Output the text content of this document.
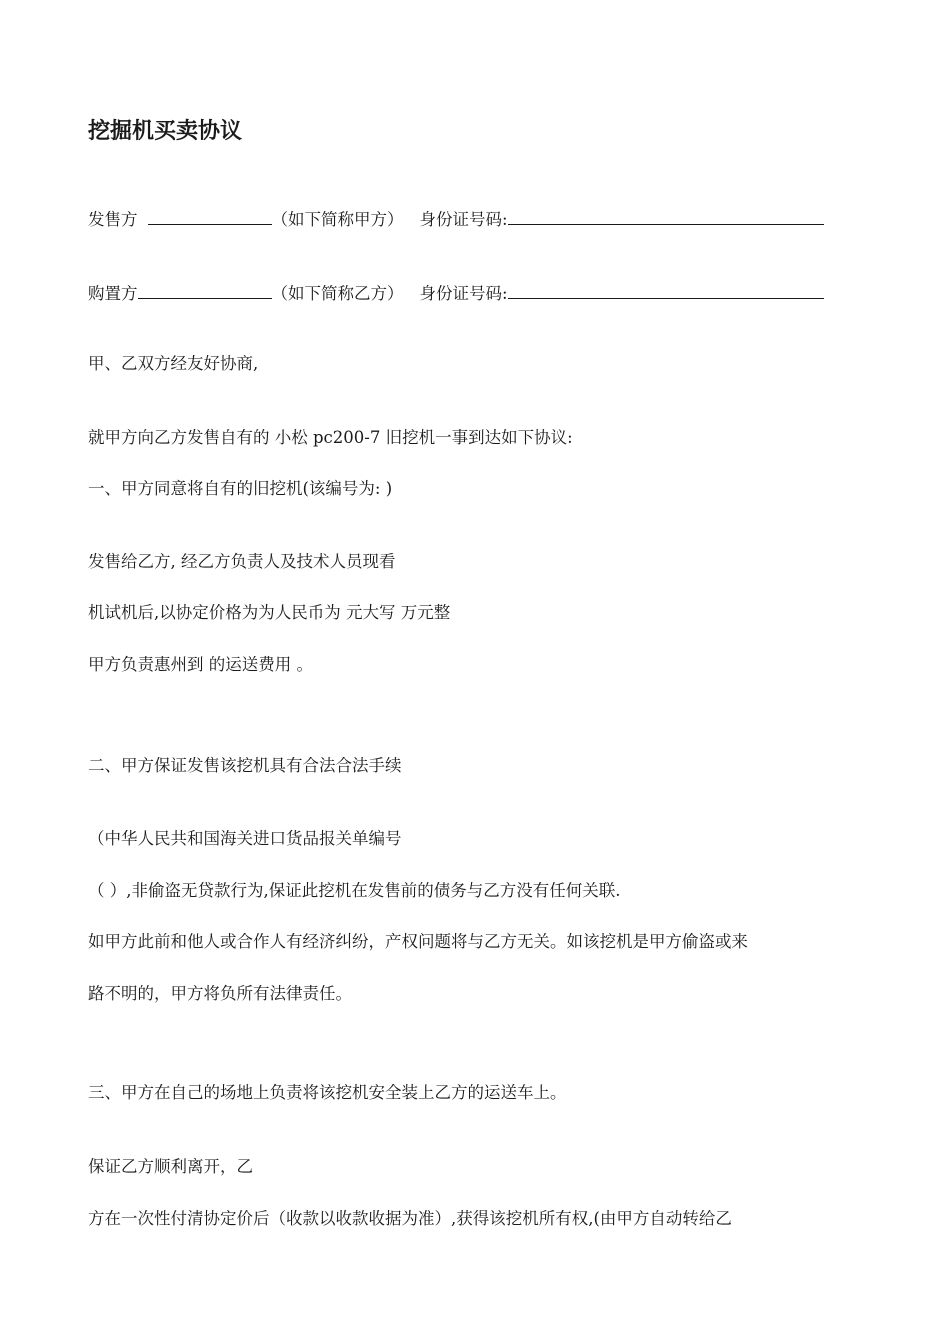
挖掘机买卖协议
发售方	（如下简称甲方） 身份证号码:
购置方	（如下简称乙方） 身份证号码:
甲、乙双方经友好协商,
就甲方向乙方发售自有的 小松 pc200-7 旧挖机一事到达如下协议:
一、甲方同意将自有的旧挖机(该编号为: )
发售给乙方, 经乙方负责人及技术人员现看
机试机后,以协定价格为为人民币为 元大写 万元整
甲方负责惠州到 的运送费用 。
二、甲方保证发售该挖机具有合法合法手续
（中华人民共和国海关进口货品报关单编号
（ ）,非偷盗无贷款行为,保证此挖机在发售前的债务与乙方没有任何关联.
如甲方此前和他人或合作人有经济纠纷，产权问题将与乙方无关。如该挖机是甲方偷盗或来
路不明的，甲方将负所有法律责任。
三、甲方在自己的场地上负责将该挖机安全装上乙方的运送车上。
保证乙方顺利离开，乙
方在一次性付清协定价后（收款以收款收据为准）,获得该挖机所有权,(由甲方自动转给乙
